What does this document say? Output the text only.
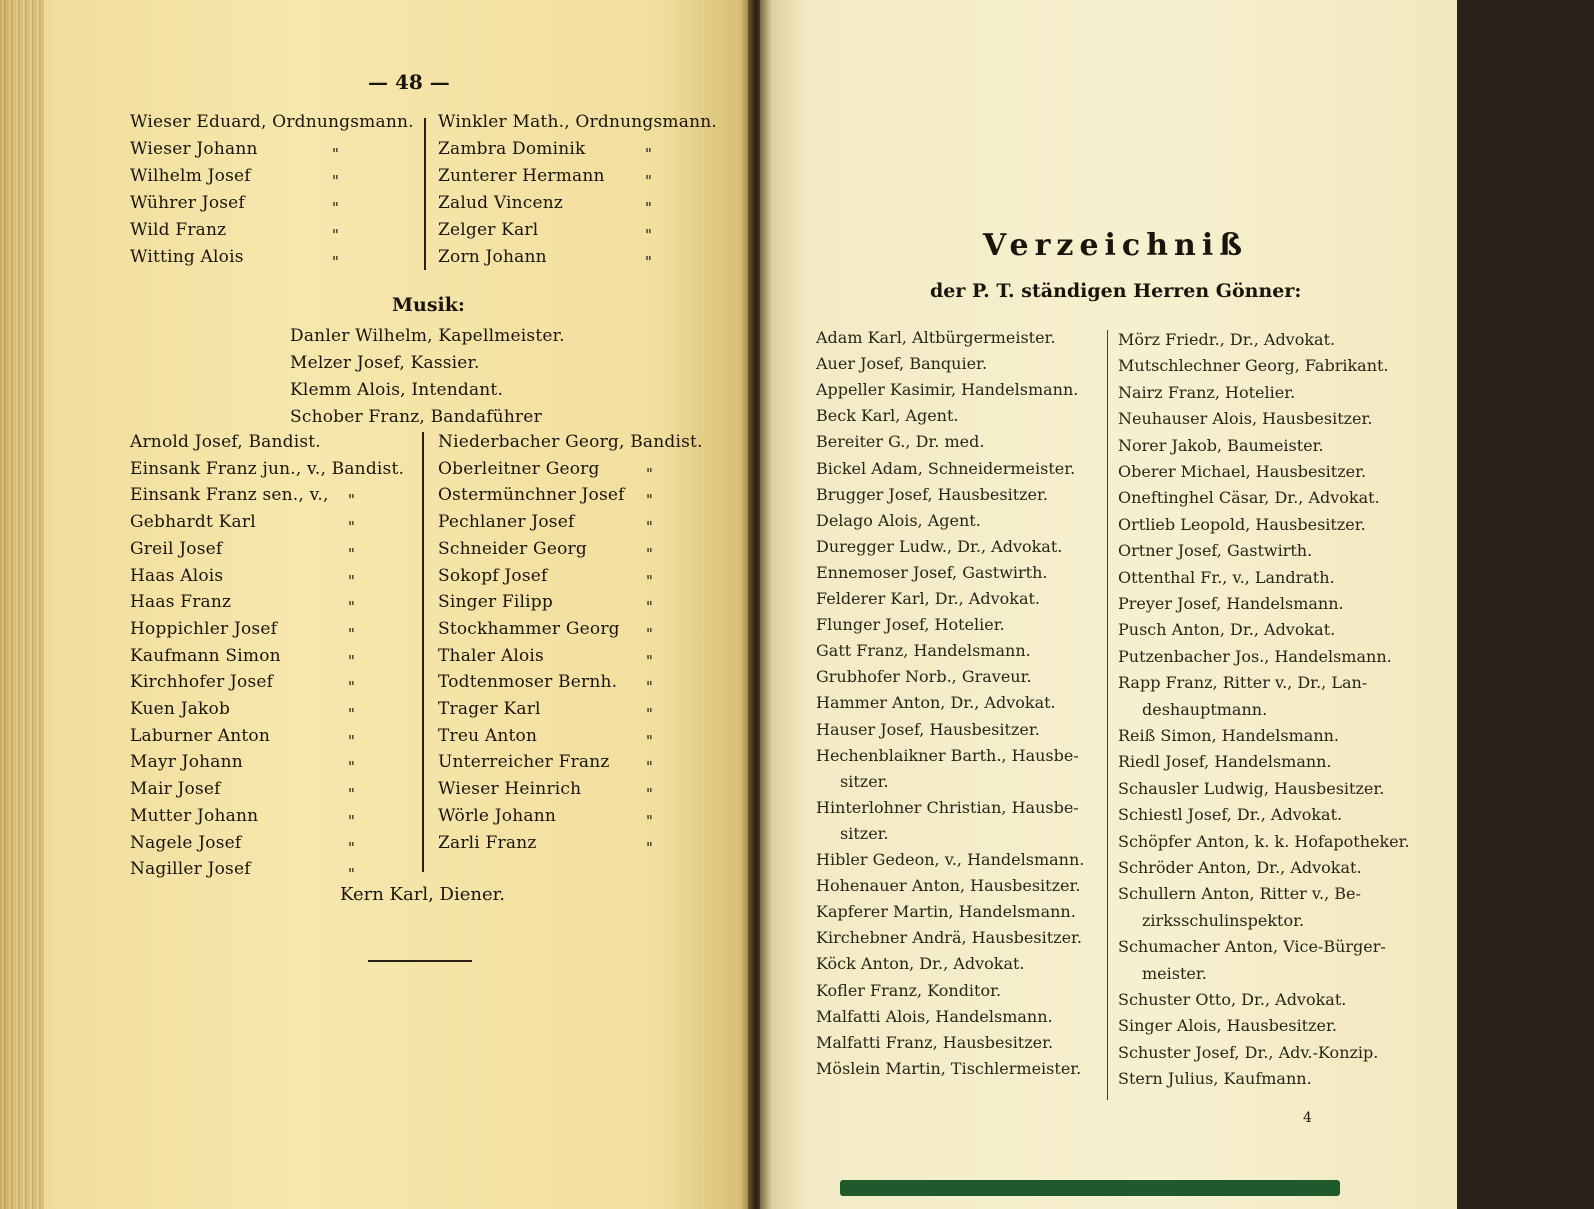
— 48 —
Wieser Eduard, Ordnungsmann.
Wieser Johann	"
Wilhelm Josef	"
Wührer Josef	"
Wild Franz	"
Witting Alois	"
Winkler Math., Ordnungsmann.
Zambra Dominik	"
Zunterer Hermann	"
Zalud Vincenz	"
Zelger Karl	"
Zorn Johann	"
Musik:
Danler Wilhelm, Kapellmeister.
Melzer Josef, Kassier.
Klemm Alois, Intendant.
Schober Franz, Bandaführer
Arnold Josef, Bandist.
Einsank Franz jun., v., Bandist.
Einsank Franz sen., v., "
Gebhardt Karl	"
Greil Josef	"
Haas Alois	"
Haas Franz	"
Hoppichler Josef	"
Kaufmann Simon	"
Kirchhofer Josef	"
Kuen Jakob	"
Laburner Anton	"
Mayr Johann	"
Mair Josef	"
Mutter Johann	"
Nagele Josef	"
Nagiller Josef	"
Niederbacher Georg, Bandist.
Oberleitner Georg	"
Ostermünchner Josef "
Pechlaner Josef	"
Schneider Georg	"
Sokopf Josef	"
Singer Filipp	"
Stockhammer Georg "
Thaler Alois	"
Todtenmoser Bernh. "
Trager Karl	"
Treu Anton	"
Unterreicher Franz "
Wieser Heinrich	"
Wörle Johann	"
Zarli Franz	"
Kern Karl, Diener.
·
Verzeichniß
der P. T. ständigen Herren Gönner:
Adam Karl, Altbürgermeister.
Auer Josef, Banquier.
Appeller Kasimir, Handelsmann.
Beck Karl, Agent.
Bereiter G., Dr. med.
Bickel Adam, Schneidermeister.
Brugger Josef, Hausbesitzer.
Delago Alois, Agent.
Duregger Ludw., Dr., Advokat.
Ennemoser Josef, Gastwirth.
Felderer Karl, Dr., Advokat.
Flunger Josef, Hotelier.
Gatt Franz, Handelsmann.
Grubhofer Norb., Graveur.
Hammer Anton, Dr., Advokat.
Hauser Josef, Hausbesitzer.
Hechenblaikner Barth., Hausbe-
sitzer.
Hinterlohner Christian, Hausbe-
sitzer.
Hibler Gedeon, v., Handelsmann.
Hohenauer Anton, Hausbesitzer.
Kapferer Martin, Handelsmann.
Kirchebner Andrä, Hausbesitzer.
Köck Anton, Dr., Advokat.
Kofler Franz, Konditor.
Malfatti Alois, Handelsmann.
Malfatti Franz, Hausbesitzer.
Möslein Martin, Tischlermeister.
Mörz Friedr., Dr., Advokat.
Mutschlechner Georg, Fabrikant.
Nairz Franz, Hotelier.
Neuhauser Alois, Hausbesitzer.
Norer Jakob, Baumeister.
Oberer Michael, Hausbesitzer.
Oneftinghel Cäsar, Dr., Advokat.
Ortlieb Leopold, Hausbesitzer.
Ortner Josef, Gastwirth.
Ottenthal Fr., v., Landrath.
Preyer Josef, Handelsmann.
Pusch Anton, Dr., Advokat.
Putzenbacher Jos., Handelsmann.
Rapp Franz, Ritter v., Dr., Lan-
deshauptmann.
Reiß Simon, Handelsmann.
Riedl Josef, Handelsmann.
Schausler Ludwig, Hausbesitzer.
Schiestl Josef, Dr., Advokat.
Schöpfer Anton, k. k. Hofapotheker.
Schröder Anton, Dr., Advokat.
Schullern Anton, Ritter v., Be-
zirksschulinspektor.
Schumacher Anton, Vice-Bürger-
meister.
Schuster Otto, Dr., Advokat.
Singer Alois, Hausbesitzer.
Schuster Josef, Dr., Adv.-Konzip.
Stern Julius, Kaufmann.
4
